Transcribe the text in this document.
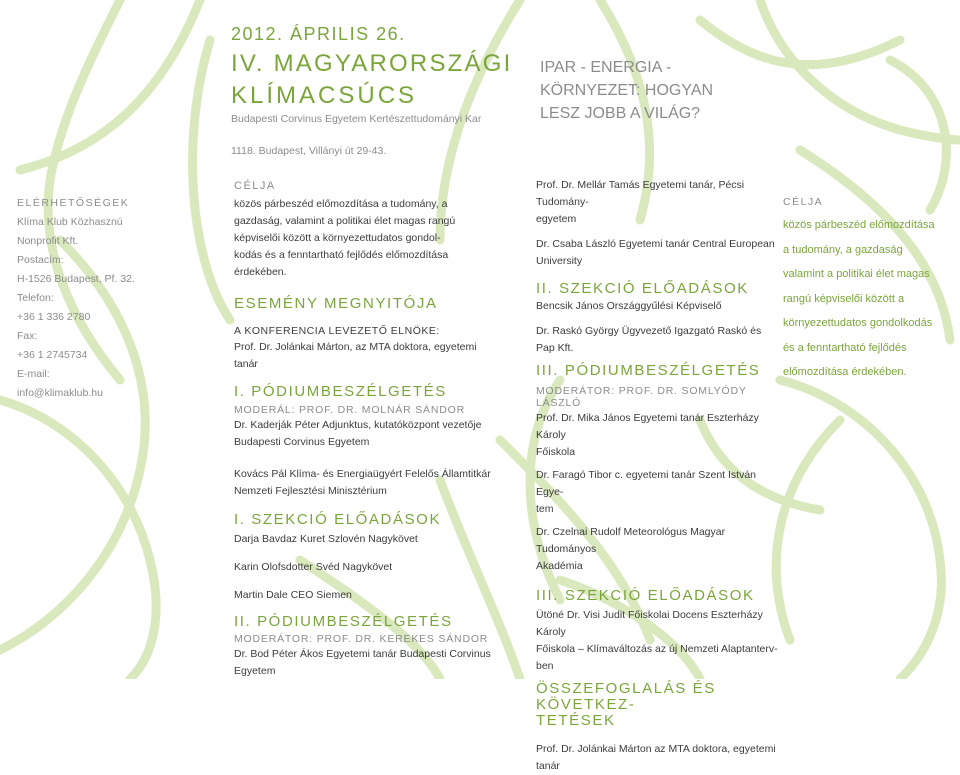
2012. ÁPRILIS 26.
IV. MAGYARORSZÁGI
KLÍMACSÚCS
Budapesti Corvinus Egyetem Kertészettudományi Kar
1118. Budapest, Villányi út 29-43.
IPAR - ENERGIA -
KÖRNYEZET: HOGYAN
LESZ JOBB A VILÁG?
ELÉRHETŐSÉGEK
Klíma Klub Közhasznú
Nonprofit Kft.
Postacím:
H-1526 Budapest, Pf. 32.
Telefon:
+36 1 336 2780
Fax:
+36 1 2745734
E-mail:
info@klimaklub.hu
CÉLJA
közös párbeszéd előmozdítása a tudomány, a
gazdaság, valamint a politikai élet magas rangú
képviselői között a környezettudatos gondol-
kodás és a fenntartható fejlődés előmozdítása
érdekében.
ESEMÉNY MEGNYITÓJA
A KONFERENCIA LEVEZETŐ ELNÖKE:
Prof. Dr. Jolánkai Márton, az MTA doktora, egyetemi
tanár
I. PÓDIUMBESZÉLGETÉS
MODERÁL: PROF. DR. MOLNÁR SÁNDOR
Dr. Kaderják Péter Adjunktus, kutatóközpont vezetője
Budapesti Corvinus Egyetem
Kovács Pál Klíma- és Energiaügyért Felelős Államtitkár
Nemzeti Fejlesztési Minisztérium
I. SZEKCIÓ ELŐADÁSOK
Darja Bavdaz Kuret Szlovén Nagykövet
Karin Olofsdotter Svéd Nagykövet
Martin Dale CEO Siemen
II. PÓDIUMBESZÉLGETÉS
MODERÁTOR: PROF. DR. KEREKES SÁNDOR
Dr. Bod Péter Ákos Egyetemi tanár Budapesti Corvinus
Egyetem
Prof. Dr. Mellár Tamás Egyetemi tanár, Pécsi Tudomány-
egyetem
Dr. Csaba László Egyetemi tanár Central European
University
II. SZEKCIÓ ELŐADÁSOK
Bencsik János Országgyűlési Képviselő
Dr. Raskó György Ügyvezető Igazgató Raskó és Pap Kft.
III. PÓDIUMBESZÉLGETÉS
MODERÁTOR: PROF. DR. SOMLYÓDY LÁSZLÓ
Prof. Dr. Mika János Egyetemi tanár Eszterházy Károly
Főiskola
Dr. Faragó Tibor c. egyetemi tanár Szent István Egye-
tem
Dr. Czelnai Rudolf Meteorológus Magyar Tudományos
Akadémia
III. SZEKCIÓ ELŐADÁSOK
Ütöné Dr. Visi Judit Főiskolai Docens Eszterházy Károly
Főiskola – Klímaváltozás az új Nemzeti Alaptanterv-
ben
ÖSSZEFOGLALÁS ÉS KÖVETKEZ-
TETÉSEK
Prof. Dr. Jolánkai Márton az MTA doktora, egyetemi
tanár
CÉLJA
közös párbeszéd előmozdítása
a tudomány, a gazdaság
valamint a politikai élet magas
rangú képviselői között a
környezettudatos gondolkodás
és a fenntartható fejlődés
előmozdítása érdekében.
